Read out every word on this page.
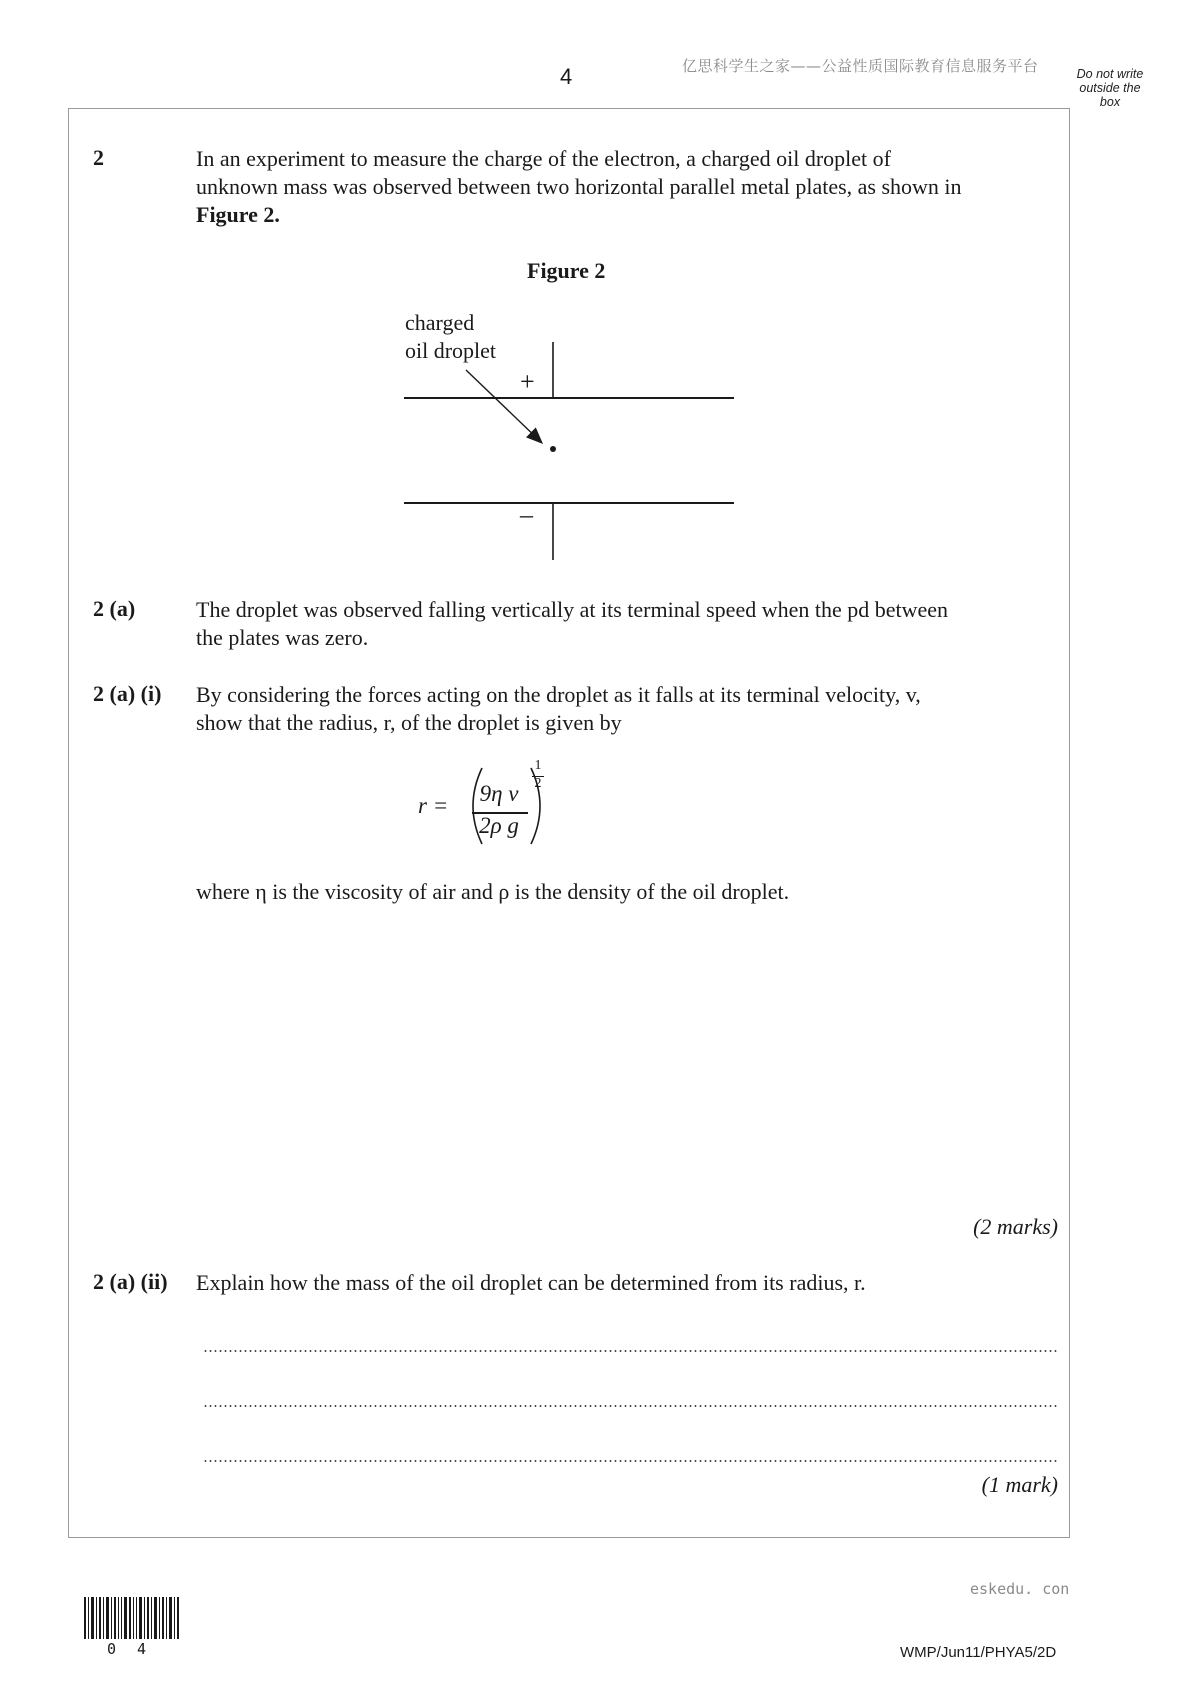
4	亿思科学生之家——公益性质国际教育信息服务平台	Do not write
outside the
box
2	In an experiment to measure the charge of the electron, a charged oil droplet of
unknown mass was observed between two horizontal parallel metal plates, as shown in
Figure 2.
Figure 2
charged
oil droplet
+
–
2 (a)	The droplet was observed falling vertically at its terminal speed when the pd between
the plates was zero.
2 (a) (i) By considering the forces acting on the droplet as it falls at its terminal velocity, v,
show that the radius, r, of the droplet is given by
r =	9η v
2ρ g
1
2
where η is the viscosity of air and ρ is the density of the oil droplet.
(2 marks)
2 (a) (ii) Explain how the mass of the oil droplet can be determined from its radius, r.
(1 mark)
eskedu. con
0 4	WMP/Jun11/PHYA5/2D
